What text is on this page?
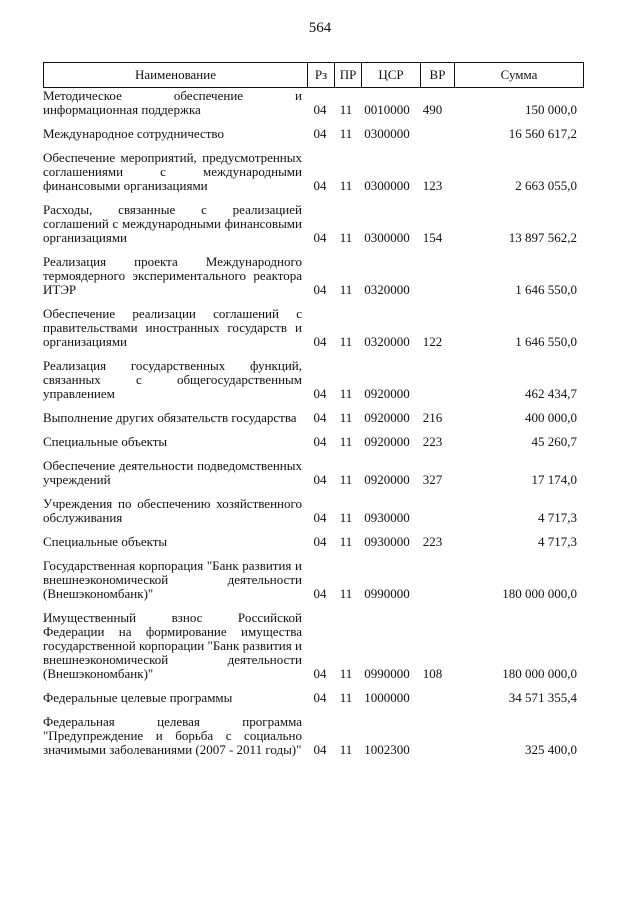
564
Наименование	Рз	ПР	ЦСР	ВР	Сумма
Методическое обеспечение и информационная поддержка	04	11	0010000	490	150 000,0

Международное сотрудничество	04	11	0300000		16 560 617,2

Обеспечение мероприятий, предусмотренных соглашениями с международными финансовыми организациями	04	11	0300000	123	2 663 055,0

Расходы, связанные с реализацией соглашений с международными финансовыми организациями	04	11	0300000	154	13 897 562,2

Реализация проекта Международного термоядерного экспериментального реактора ИТЭР	04	11	0320000		1 646 550,0

Обеспечение реализации соглашений с правительствами иностранных государств и организациями	04	11	0320000	122	1 646 550,0

Реализация государственных функций, связанных с общегосударственным управлением	04	11	0920000		462 434,7

Выполнение других обязательств государства	04	11	0920000	216	400 000,0

Специальные объекты	04	11	0920000	223	45 260,7

Обеспечение деятельности подведомственных учреждений	04	11	0920000	327	17 174,0

Учреждения по обеспечению хозяйственного обслуживания	04	11	0930000		4 717,3

Специальные объекты	04	11	0930000	223	4 717,3

Государственная корпорация "Банк развития и внешнеэкономической деятельности (Внешэкономбанк)"	04	11	0990000		180 000 000,0

Имущественный взнос Российской Федерации на формирование имущества государственной корпорации "Банк развития и внешнеэкономической деятельности (Внешэкономбанк)"	04	11	0990000	108	180 000 000,0

Федеральные целевые программы	04	11	1000000		34 571 355,4

Федеральная целевая программа "Предупреждение и борьба с социально значимыми заболеваниями (2007 - 2011 годы)"	04	11	1002300		325 400,0
